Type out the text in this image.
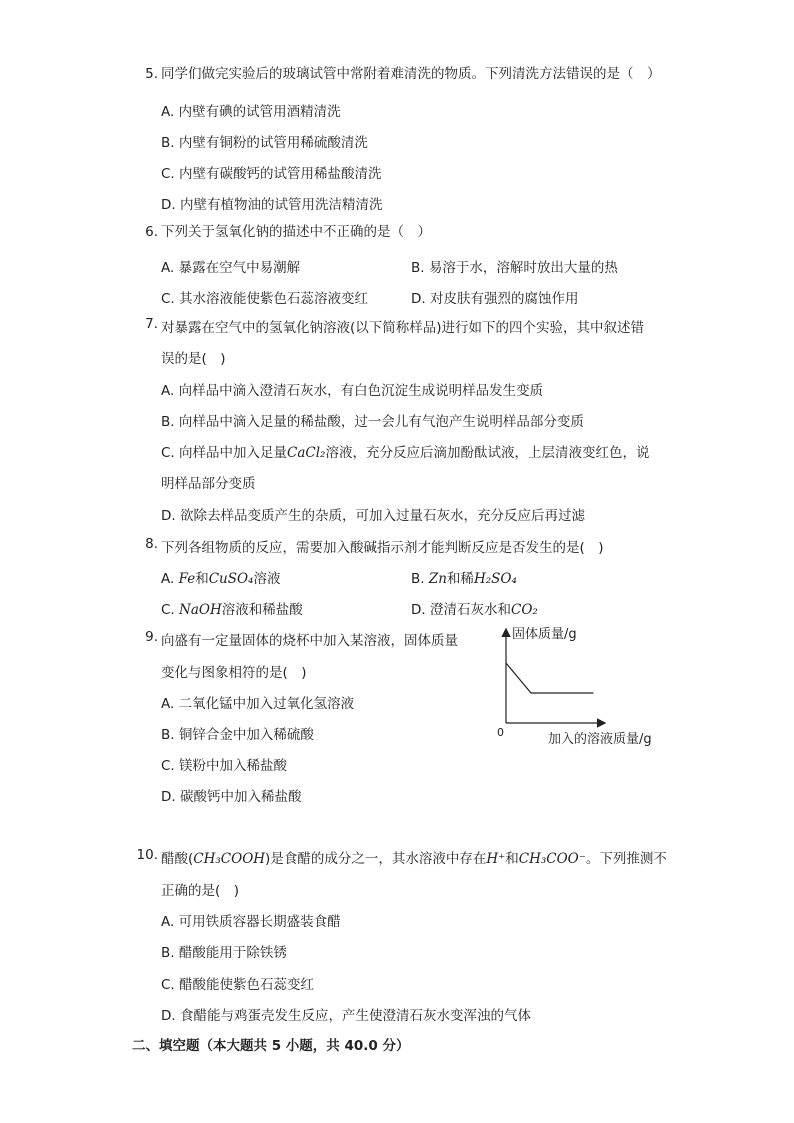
5. 同学们做完实验后的玻璃试管中常附着难清洗的物质。下列清洗方法错误的是（　）
A. 内壁有碘的试管用酒精清洗
B. 内壁有铜粉的试管用稀硫酸清洗
C. 内壁有碳酸钙的试管用稀盐酸清洗
D. 内壁有植物油的试管用洗洁精清洗
6. 下列关于氢氧化钠的描述中不正确的是（　）
A. 暴露在空气中易潮解	B. 易溶于水，溶解时放出大量的热
C. 其水溶液能使紫色石蕊溶液变红	D. 对皮肤有强烈的腐蚀作用
7. 对暴露在空气中的氢氧化钠溶液(以下简称样品)进行如下的四个实验，其中叙述错
误的是(　)
A. 向样品中滴入澄清石灰水，有白色沉淀生成说明样品发生变质
B. 向样品中滴入足量的稀盐酸，过一会儿有气泡产生说明样品部分变质
C. 向样品中加入足量CaCl₂溶液，充分反应后滴加酚酞试液，上层清液变红色，说
明样品部分变质
D. 欲除去样品变质产生的杂质，可加入过量石灰水，充分反应后再过滤
8. 下列各组物质的反应，需要加入酸碱指示剂才能判断反应是否发生的是(　)
A. Fe和CuSO₄溶液	B. Zn和稀H₂SO₄
C. NaOH溶液和稀盐酸	D. 澄清石灰水和CO₂
9. 向盛有一定量固体的烧杯中加入某溶液，固体质量
变化与图象相符的是(　)
A. 二氧化锰中加入过氧化氢溶液
B. 铜锌合金中加入稀硫酸
C. 镁粉中加入稀盐酸
D. 碳酸钙中加入稀盐酸
固体质量/g
加入的溶液质量/g
0
10. 醋酸(CH₃COOH)是食醋的成分之一，其水溶液中存在H⁺和CH₃COO⁻。下列推测不
正确的是(　)
A. 可用铁质容器长期盛装食醋
B. 醋酸能用于除铁锈
C. 醋酸能使紫色石蕊变红
D. 食醋能与鸡蛋壳发生反应，产生使澄清石灰水变浑浊的气体
二、填空题（本大题共 5 小题，共 40.0 分）
